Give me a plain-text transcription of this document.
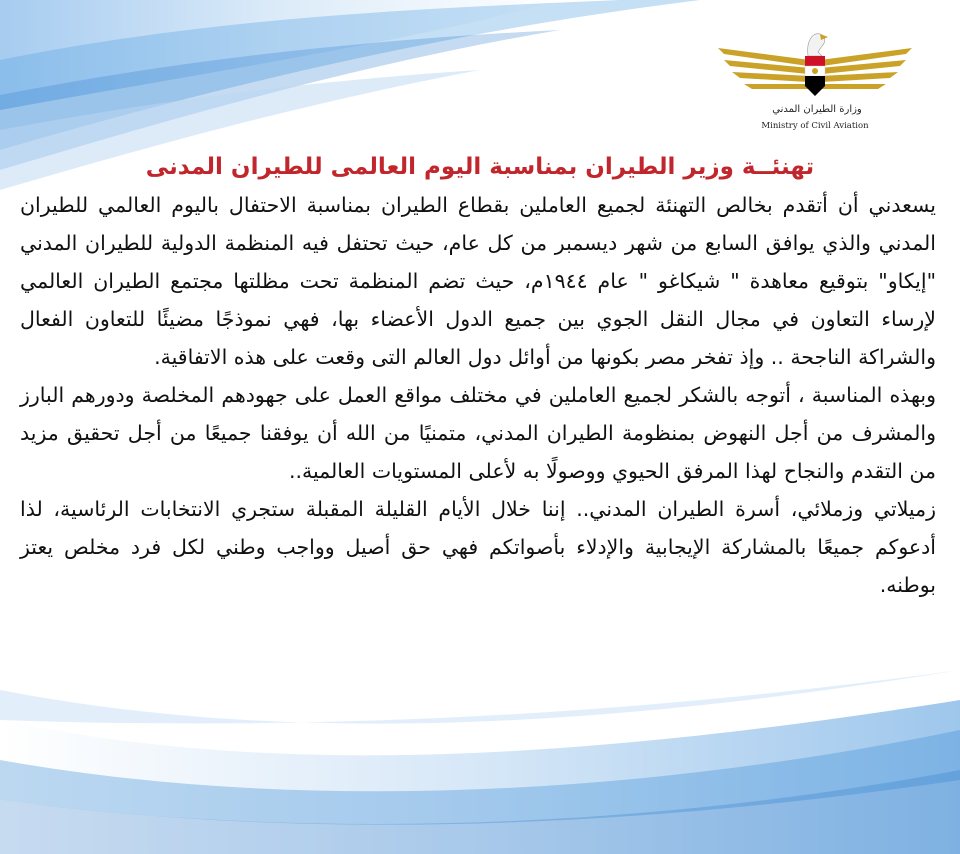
وزارة الطيران المدني
Ministry of Civil Aviation
تهنئــة وزير الطيران بمناسبة اليوم العالمى للطيران المدنى

يسعدني أن أتقدم بخالص التهنئة لجميع العاملين بقطاع الطيران بمناسبة الاحتفال باليوم العالمي للطيران المدني والذي يوافق السابع من شهر ديسمبر من كل عام، حيث تحتفل فيه المنظمة الدولية للطيران المدني "إيكاو" بتوقيع معاهدة " شيكاغو " عام ١٩٤٤م، حيث تضم المنظمة تحت مظلتها مجتمع الطيران العالمي لإرساء التعاون في مجال النقل الجوي بين جميع الدول الأعضاء بها، فهي نموذجًا مضيئًا للتعاون الفعال والشراكة الناجحة .. وإذ تفخر مصر بكونها من أوائل دول العالم التى وقعت على هذه الاتفاقية.

وبهذه المناسبة ، أتوجه بالشكر لجميع العاملين في مختلف مواقع العمل على جهودهم المخلصة ودورهم البارز والمشرف من أجل النهوض بمنظومة الطيران المدني، متمنيًا من الله أن يوفقنا جميعًا من أجل تحقيق مزيد من التقدم والنجاح لهذا المرفق الحيوي ووصولًا به لأعلى المستويات العالمية..

زميلاتي وزملائي، أسرة الطيران المدني.. إننا خلال الأيام القليلة المقبلة ستجري الانتخابات الرئاسية، لذا أدعوكم جميعًا بالمشاركة الإيجابية والإدلاء بأصواتكم فهي حق أصيل وواجب وطني لكل فرد مخلص يعتز بوطنه.
